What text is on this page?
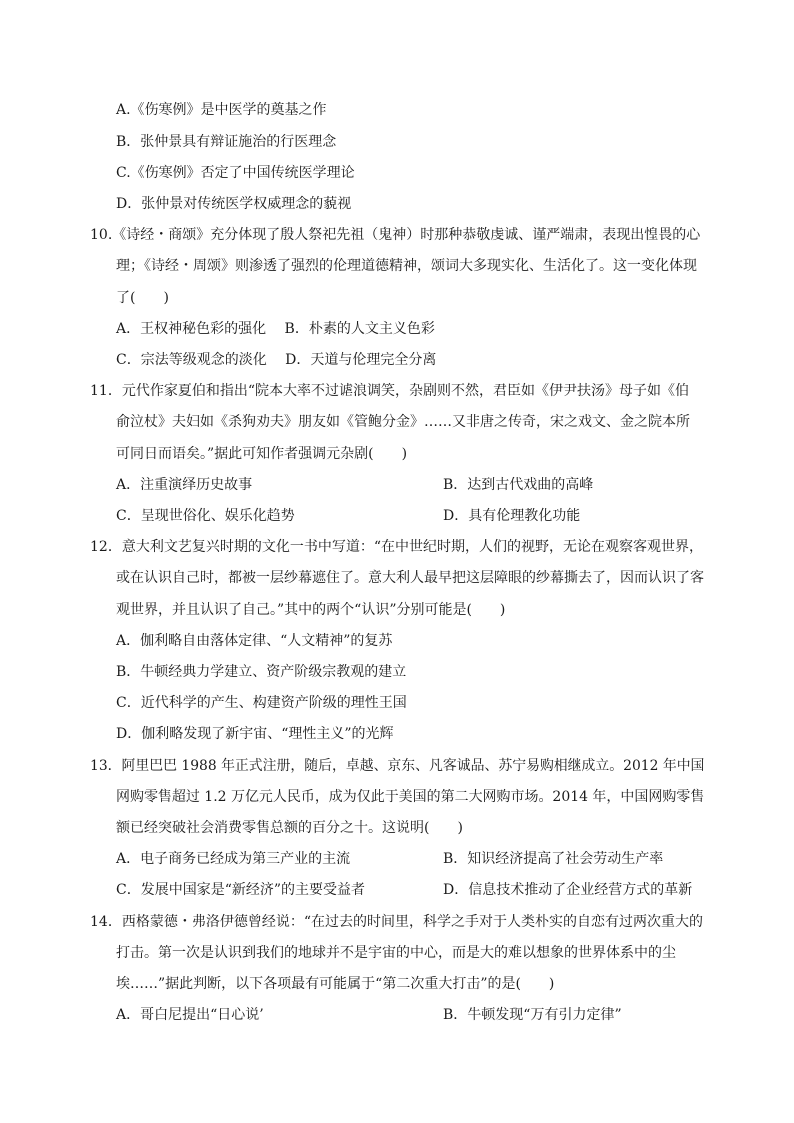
A.《伤寒例》是中医学的奠基之作
B．张仲景具有辩证施治的行医理念
C.《伤寒例》否定了中国传统医学理论
D．张仲景对传统医学权威理念的藐视
10.《诗经・商颂》充分体现了殷人祭祀先祖（鬼神）时那种恭敬虔诚、谨严端肃，表现出惶畏的心
理；《诗经・周颂》则渗透了强烈的伦理道德精神，颂词大多现实化、生活化了。这一变化体现
了(　　)
A．王权神秘色彩的强化　 B．朴素的人文主义色彩
C．宗法等级观念的淡化　 D．天道与伦理完全分离
11．元代作家夏伯和指出“院本大率不过谑浪调笑，杂剧则不然，君臣如《伊尹扶汤》母子如《伯
俞泣杖》夫妇如《杀狗劝夫》朋友如《管鲍分金》……又非唐之传奇，宋之戏文、金之院本所
可同日而语矣。”据此可知作者强调元杂剧(　　)
A．注重演绎历史故事	B．达到古代戏曲的高峰
C．呈现世俗化、娱乐化趋势	D．具有伦理教化功能
12．意大利文艺复兴时期的文化一书中写道：“在中世纪时期，人们的视野，无论在观察客观世界，
或在认识自己时，都被一层纱幕遮住了。意大利人最早把这层障眼的纱幕撕去了，因而认识了客
观世界，并且认识了自己。”其中的两个“认识”分别可能是(　　)
A．伽利略自由落体定律、“人文精神”的复苏
B．牛顿经典力学建立、资产阶级宗教观的建立
C．近代科学的产生、构建资产阶级的理性王国
D．伽利略发现了新宇宙、“理性主义”的光辉
13．阿里巴巴 1988 年正式注册，随后，卓越、京东、凡客诚品、苏宁易购相继成立。2012 年中国
网购零售超过 1.2 万亿元人民币，成为仅此于美国的第二大网购市场。2014 年，中国网购零售
额已经突破社会消费零售总额的百分之十。这说明(　　)
A．电子商务已经成为第三产业的主流	B．知识经济提高了社会劳动生产率
C．发展中国家是“新经济”的主要受益者	D．信息技术推动了企业经营方式的革新
14．西格蒙德・弗洛伊德曾经说：“在过去的时间里，科学之手对于人类朴实的自恋有过两次重大的
打击。第一次是认识到我们的地球并不是宇宙的中心，而是大的难以想象的世界体系中的尘
埃……”据此判断，以下各项最有可能属于“第二次重大打击”的是(　　)
A．哥白尼提出“日心说’	B．牛顿发现“万有引力定律”
